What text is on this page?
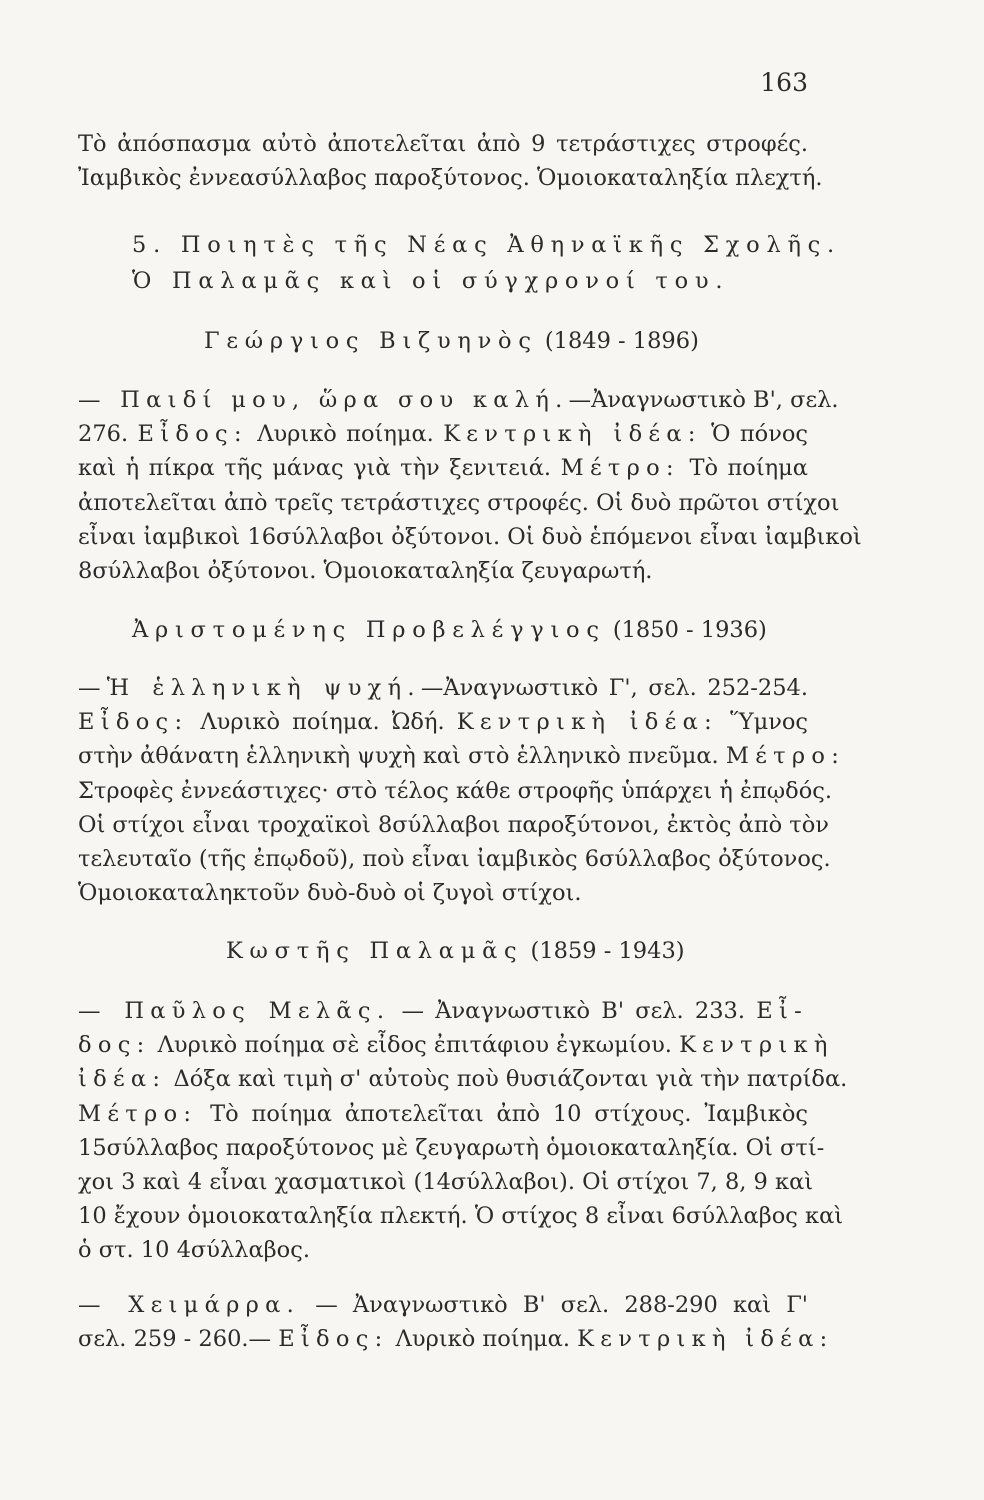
163
Τὸ ἀπόσπασμα αὐτὸ ἀποτελεῖται ἀπὸ 9 τετράστιχες στροφές.
Ἰαμβικὸς ἐννεασύλλαβος παροξύτονος. Ὁμοιοκαταληξία πλεχτή.
5. Ποιητὲς τῆς Νέας Ἀθηναϊκῆς Σχολῆς.
Ὁ Παλαμᾶς καὶ οἱ σύγχρονοί του.
Γεώργιος Βιζυηνὸς (1849 - 1896)
— Παιδί μου, ὥρα σου καλή.—Ἀναγνωστικὸ Β', σελ.
276. Εἶδος: Λυρικὸ ποίημα. Κεντρικὴ ἰδέα: Ὁ πόνος
καὶ ἡ πίκρα τῆς μάνας γιὰ τὴν ξενιτειά. Μέτρο: Τὸ ποίημα
ἀποτελεῖται ἀπὸ τρεῖς τετράστιχες στροφές. Οἱ δυὸ πρῶτοι στίχοι
εἶναι ἰαμβικοὶ 16σύλλαβοι ὀξύτονοι. Οἱ δυὸ ἑπόμενοι εἶναι ἰαμβικοὶ
8σύλλαβοι ὀξύτονοι. Ὁμοιοκαταληξία ζευγαρωτή.
Ἀριστομένης Προβελέγγιος (1850 - 1936)
—Ἡ ἑλληνικὴ ψυχή.—Ἀναγνωστικὸ Γ', σελ. 252-254.
Εἶδος: Λυρικὸ ποίημα. Ὠδή. Κεντρικὴ ἰδέα: Ὕμνος
στὴν ἀθάνατη ἑλληνικὴ ψυχὴ καὶ στὸ ἑλληνικὸ πνεῦμα. Μέτρο:
Στροφὲς ἐννεάστιχες· στὸ τέλος κάθε στροφῆς ὑπάρχει ἡ ἐπῳδός.
Οἱ στίχοι εἶναι τροχαϊκοὶ 8σύλλαβοι παροξύτονοι, ἐκτὸς ἀπὸ τὸν
τελευταῖο (τῆς ἐπῳδοῦ), ποὺ εἶναι ἰαμβικὸς 6σύλλαβος ὀξύτονος.
Ὁμοιοκαταληκτοῦν δυὸ-δυὸ οἱ ζυγοὶ στίχοι.
Κωστῆς Παλαμᾶς (1859 - 1943)
— Παῦλος Μελᾶς. — Ἀναγνωστικὸ Β' σελ. 233. Εἶ-
δος: Λυρικὸ ποίημα σὲ εἶδος ἐπιτάφιου ἐγκωμίου. Κεντρικὴ
ἰδέα: Δόξα καὶ τιμὴ σ' αὐτοὺς ποὺ θυσιάζονται γιὰ τὴν πατρίδα.
Μέτρο: Τὸ ποίημα ἀποτελεῖται ἀπὸ 10 στίχους. Ἰαμβικὸς
15σύλλαβος παροξύτονος μὲ ζευγαρωτὴ ὁμοιοκαταληξία. Οἱ στί-
χοι 3 καὶ 4 εἶναι χασματικοὶ (14σύλλαβοι). Οἱ στίχοι 7, 8, 9 καὶ
10 ἔχουν ὁμοιοκαταληξία πλεκτή. Ὁ στίχος 8 εἶναι 6σύλλαβος καὶ
ὁ στ. 10 4σύλλαβος.
— Χειμάρρα. — Ἀναγνωστικὸ Β' σελ. 288-290 καὶ Γ'
σελ. 259 - 260.— Εἶδος: Λυρικὸ ποίημα. Κεντρικὴ ἰδέα:
